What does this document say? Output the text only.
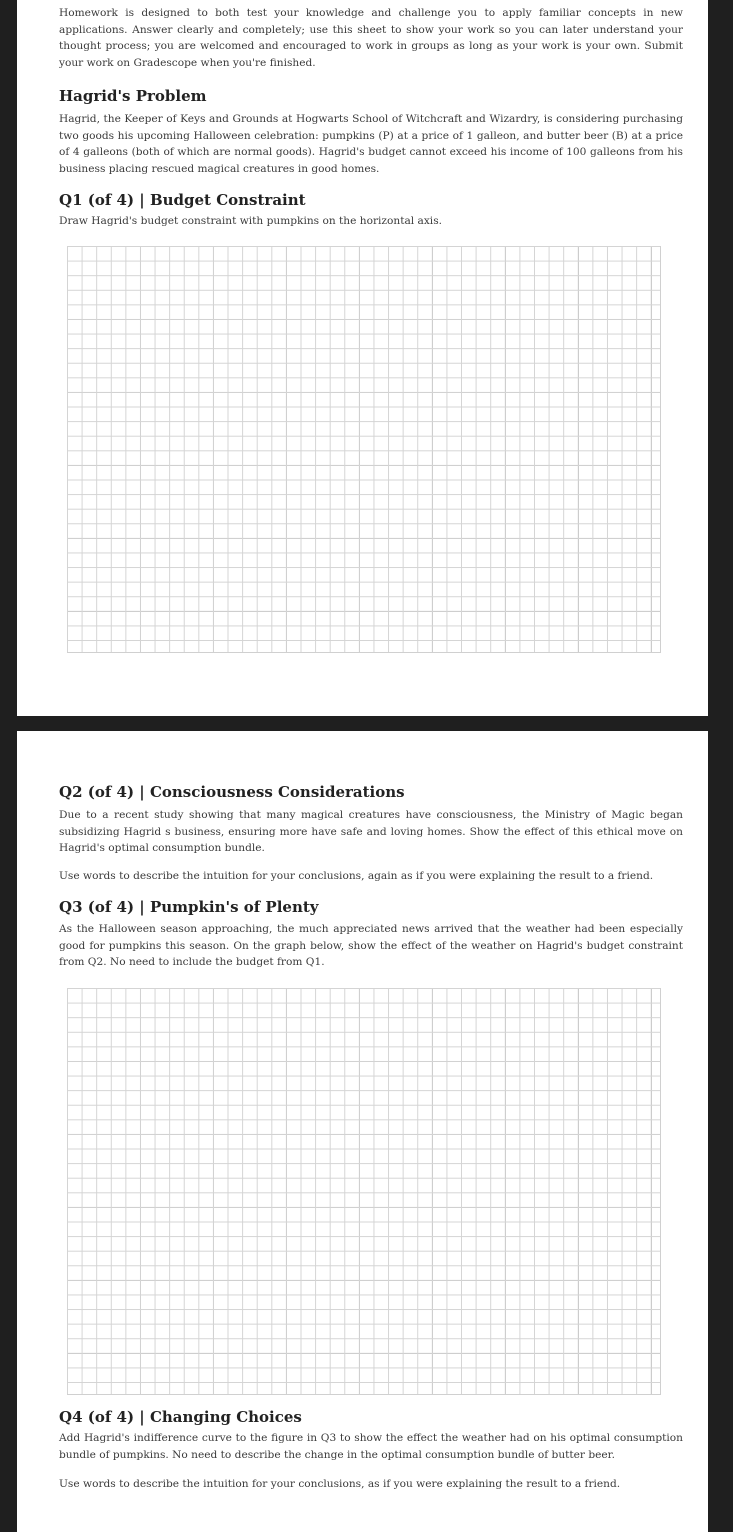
Homework is designed to both test your knowledge and challenge you to apply familiar concepts in new applications. Answer clearly and completely; use this sheet to show your work so you can later understand your thought process; you are welcomed and encouraged to work in groups as long as your work is your own. Submit your work on Gradescope when you're finished.

Hagrid's Problem

Hagrid, the Keeper of Keys and Grounds at Hogwarts School of Witchcraft and Wizardry, is considering purchasing two goods his upcoming Halloween celebration: pumpkins (P) at a price of 1 galleon, and butter beer (B) at a price of 4 galleons (both of which are normal goods). Hagrid's budget cannot exceed his income of 100 galleons from his business placing rescued magical creatures in good homes.

Q1 (of 4) | Budget Constraint

Draw Hagrid's budget constraint with pumpkins on the horizontal axis.

Q2 (of 4) | Consciousness Considerations

Due to a recent study showing that many magical creatures have consciousness, the Ministry of Magic began subsidizing Hagrid s business, ensuring more have safe and loving homes. Show the effect of this ethical move on Hagrid's optimal consumption bundle.

Use words to describe the intuition for your conclusions, again as if you were explaining the result to a friend.

Q3 (of 4) | Pumpkin's of Plenty

As the Halloween season approaching, the much appreciated news arrived that the weather had been especially good for pumpkins this season. On the graph below, show the effect of the weather on Hagrid's budget constraint from Q2. No need to include the budget from Q1.

Q4 (of 4) | Changing Choices

Add Hagrid's indifference curve to the figure in Q3 to show the effect the weather had on his optimal consumption bundle of pumpkins. No need to describe the change in the optimal consumption bundle of butter beer.

Use words to describe the intuition for your conclusions, as if you were explaining the result to a friend.
